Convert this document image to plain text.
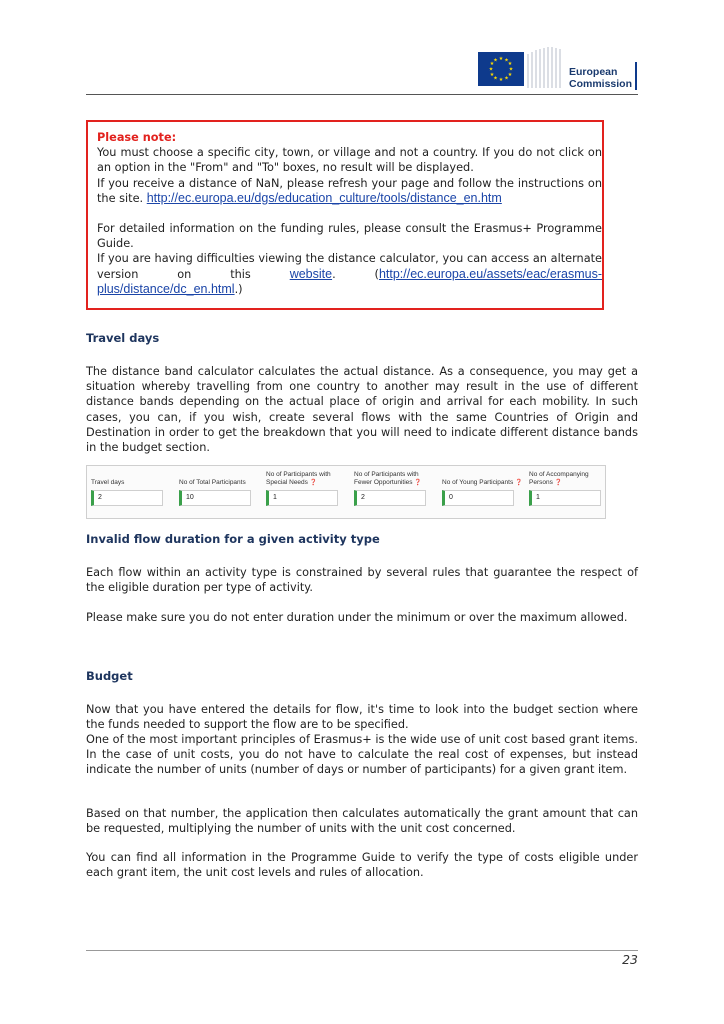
★ ★
★
★
★
★
★
★
★
★
★
★
European
Commission

Please note:

You must choose a specific city, town, or village and not a country. If you do not click on an option in the "From" and "To" boxes, no result will be displayed.

If you receive a distance of NaN, please refresh your page and follow the instructions on the site. http://ec.europa.eu/dgs/education_culture/tools/distance_en.htm

For detailed information on the funding rules, please consult the Erasmus+ Programme Guide.

If you are having difficulties viewing the distance calculator, you can access an alternate version on this website. (http://ec.europa.eu/assets/eac/erasmus-plus/distance/dc_en.html.)

Travel days

The distance band calculator calculates the actual distance. As a consequence, you may get a situation whereby travelling from one country to another may result in the use of different distance bands depending on the actual place of origin and arrival for each mobility. In such cases, you can, if you wish, create several flows with the same Countries of Origin and Destination in order to get the breakdown that you will need to indicate different distance bands in the budget section.

Travel days
2
No of Total Participants
10
No of Participants with Special Needs ❓
1
No of Participants with Fewer Opportunities ❓
2
No of Young Participants ❓
0
No of Accompanying Persons ❓
1
Invalid flow duration for a given activity type

Each flow within an activity type is constrained by several rules that guarantee the respect of the eligible duration per type of activity.

Please make sure you do not enter duration under the minimum or over the maximum allowed.

Budget

Now that you have entered the details for flow, it's time to look into the budget section where the funds needed to support the flow are to be specified.

One of the most important principles of Erasmus+ is the wide use of unit cost based grant items. In the case of unit costs, you do not have to calculate the real cost of expenses, but instead indicate the number of units (number of days or number of participants) for a given grant item.

Based on that number, the application then calculates automatically the grant amount that can be requested, multiplying the number of units with the unit cost concerned.

You can find all information in the Programme Guide to verify the type of costs eligible under each grant item, the unit cost levels and rules of allocation.

23
